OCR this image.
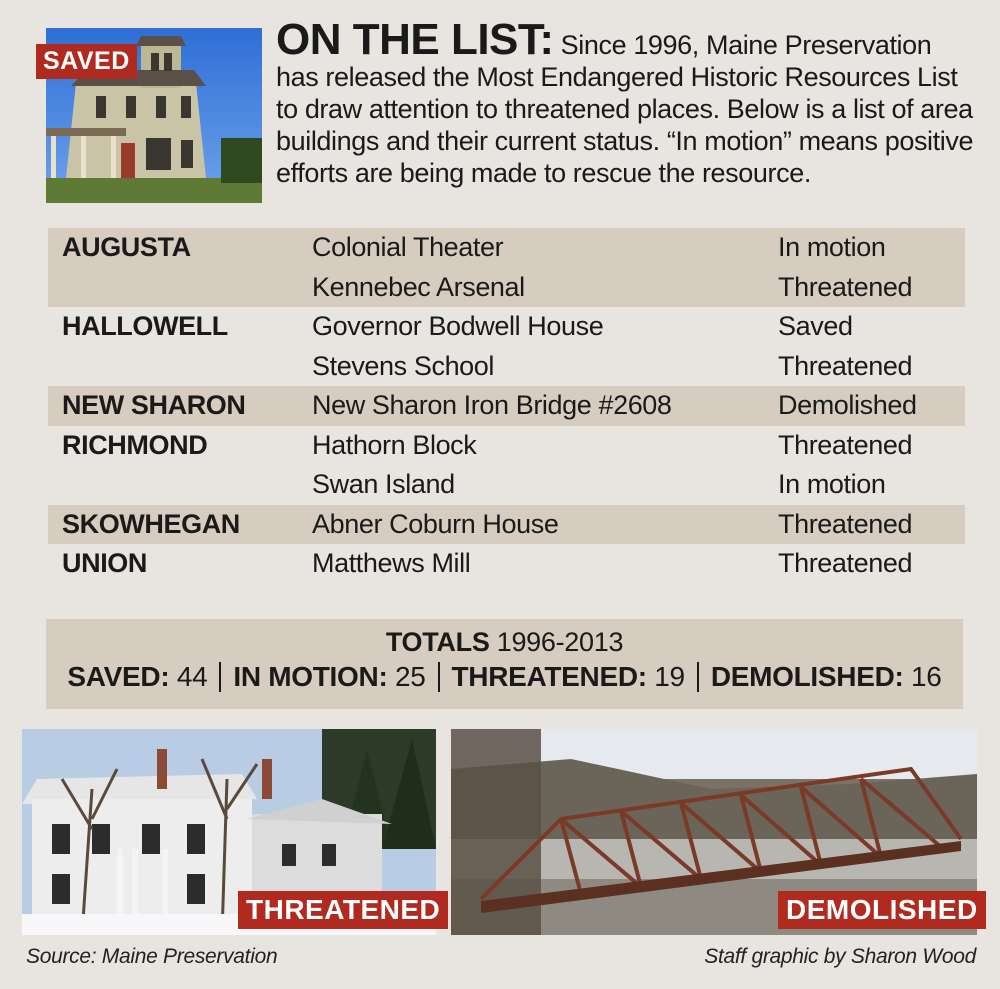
SAVED	ON THE LIST: Since 1996, Maine Preservation has released the Most Endangered Historic Resources List to draw attention to threatened places. Below is a list of area buildings and their current status. “In motion” means positive efforts are being made to rescue the resource.
AUGUSTA	Colonial Theater	In motion
Kennebec Arsenal	Threatened
HALLOWELL	Governor Bodwell House	Saved
Stevens School	Threatened
NEW SHARON	New Sharon Iron Bridge #2608	Demolished
RICHMOND	Hathorn Block	Threatened
Swan Island	In motion
SKOWHEGAN	Abner Coburn House	Threatened
UNION	Matthews Mill	Threatened
TOTALS 1996-2013
SAVED: 44 IN MOTION: 25 THREATENED: 19 DEMOLISHED: 16
THREATENED	DEMOLISHED
Source: Maine Preservation	Staff graphic by Sharon Wood
